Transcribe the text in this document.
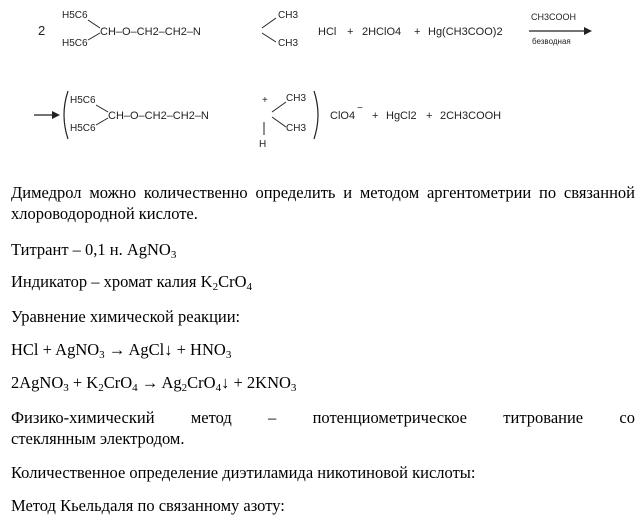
2
H5C6
H5C6
CH–O–CH2–CH2–N
CH3
CH3
HCl + 2HClO4 + Hg(CH3COO)2
CH3COOH
безводная
H5C6
H5C6
CH–O–CH2–CH2–N
+ CH3
CH3
H
ClO4
−
+ HgCl2 + 2CH3COOH

Димедрол можно количественно определить и методом аргентометрии по связанной хлороводородной кислоте.

Титрант – 0,1 н. AgNO$_3$

Индикатор – хромат калия $K_2CrO_4$

Уравнение химической реакции:

HCl + AgNO$_3$ → AgCl↓ + $HNO_3$

2AgNO$_3$ + $K_2CrO_4$ → $Ag_2CrO_4↓ + 2KNO_3$

Физико-химический метод – потенциометрическое титрование со

стеклянным электродом.

Количественное определение диэтиламида никотиновой кислоты:

Метод Кьельдаля по связанному азоту:
